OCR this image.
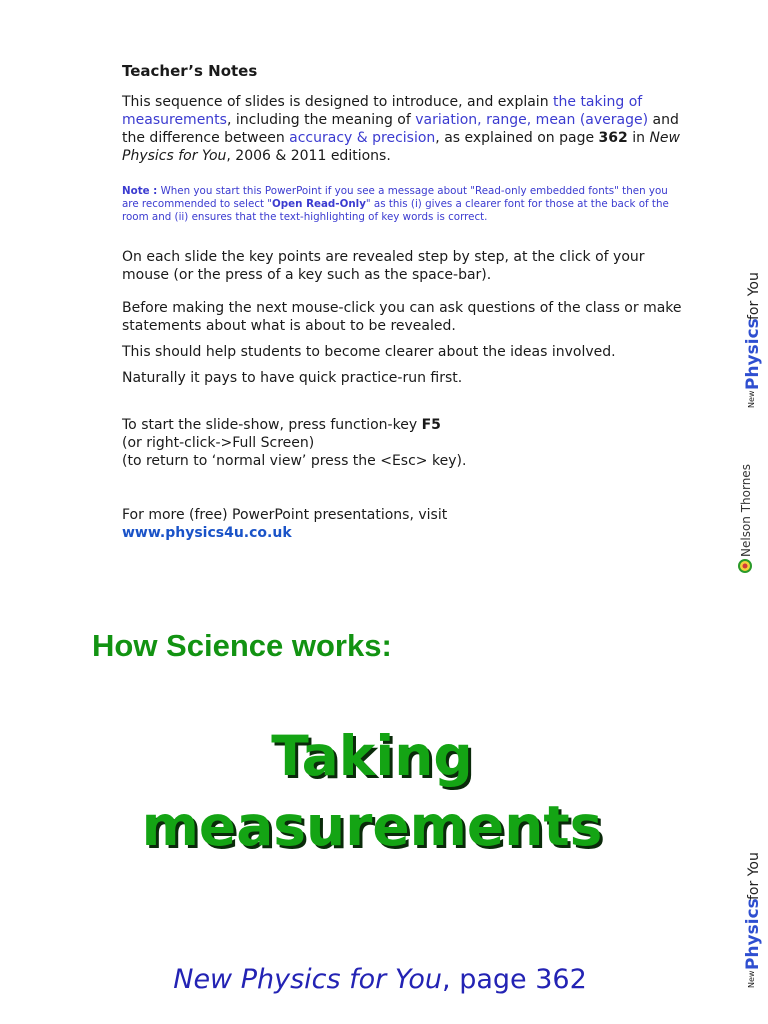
Teacher’s Notes

This sequence of slides is designed to introduce, and explain the taking of measurements, including the meaning of variation, range, mean (average) and the difference between accuracy & precision, as explained on page 362 in New Physics for You, 2006 & 2011 editions.

Note : When you start this PowerPoint if you see a message about "Read-only embedded fonts" then you are recommended to select "Open Read-Only" as this (i) gives a clearer font for those at the back of the room and (ii) ensures that the text-highlighting of key words is correct.

On each slide the key points are revealed step by step, at the click of your mouse (or the press of a key such as the space-bar).

Before making the next mouse-click you can ask questions of the class or make statements about what is about to be revealed.

This should help students to become clearer about the ideas involved.

Naturally it pays to have quick practice-run first.

To start the slide-show, press function-key F5
(or right-click->Full Screen)
(to return to ‘normal view’ press the <Esc> key).

For more (free) PowerPoint presentations, visit
www.physics4u.co.uk

How Science works:
Taking
measurements
New Physics for You, page 362
New
Physics
for You
Nelson Thornes
New
Physics
for You
